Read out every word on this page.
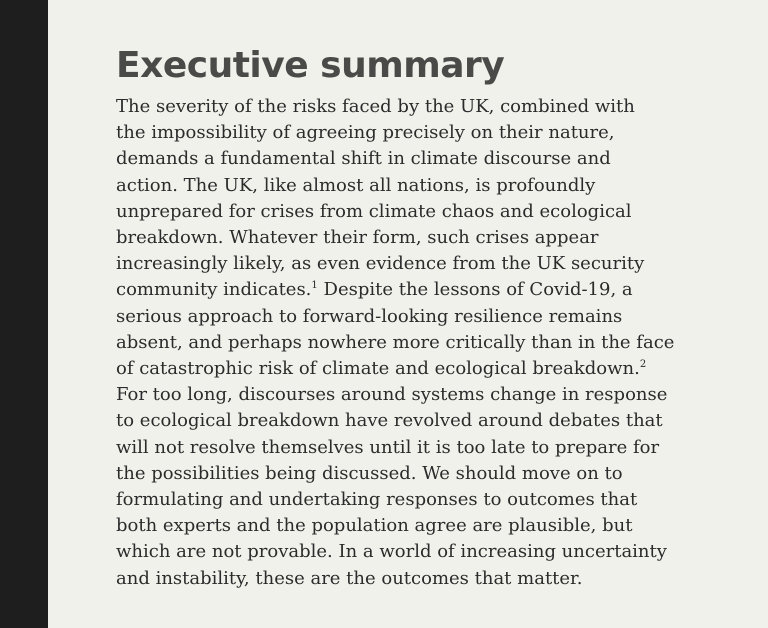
Executive summary
The severity of the risks faced by the UK, combined with
the impossibility of agreeing precisely on their nature,
demands a fundamental shift in climate discourse and
action. The UK, like almost all nations, is profoundly
unprepared for crises from climate chaos and ecological
breakdown. Whatever their form, such crises appear
increasingly likely, as even evidence from the UK security
community indicates.$^1$ Despite the lessons of Covid-19, a
serious approach to forward-looking resilience remains
absent, and perhaps nowhere more critically than in the face
of catastrophic risk of climate and ecological breakdown.$^2$
For too long, discourses around systems change in response
to ecological breakdown have revolved around debates that
will not resolve themselves until it is too late to prepare for
the possibilities being discussed. We should move on to
formulating and undertaking responses to outcomes that
both experts and the population agree are plausible, but
which are not provable. In a world of increasing uncertainty
and instability, these are the outcomes that matter.
